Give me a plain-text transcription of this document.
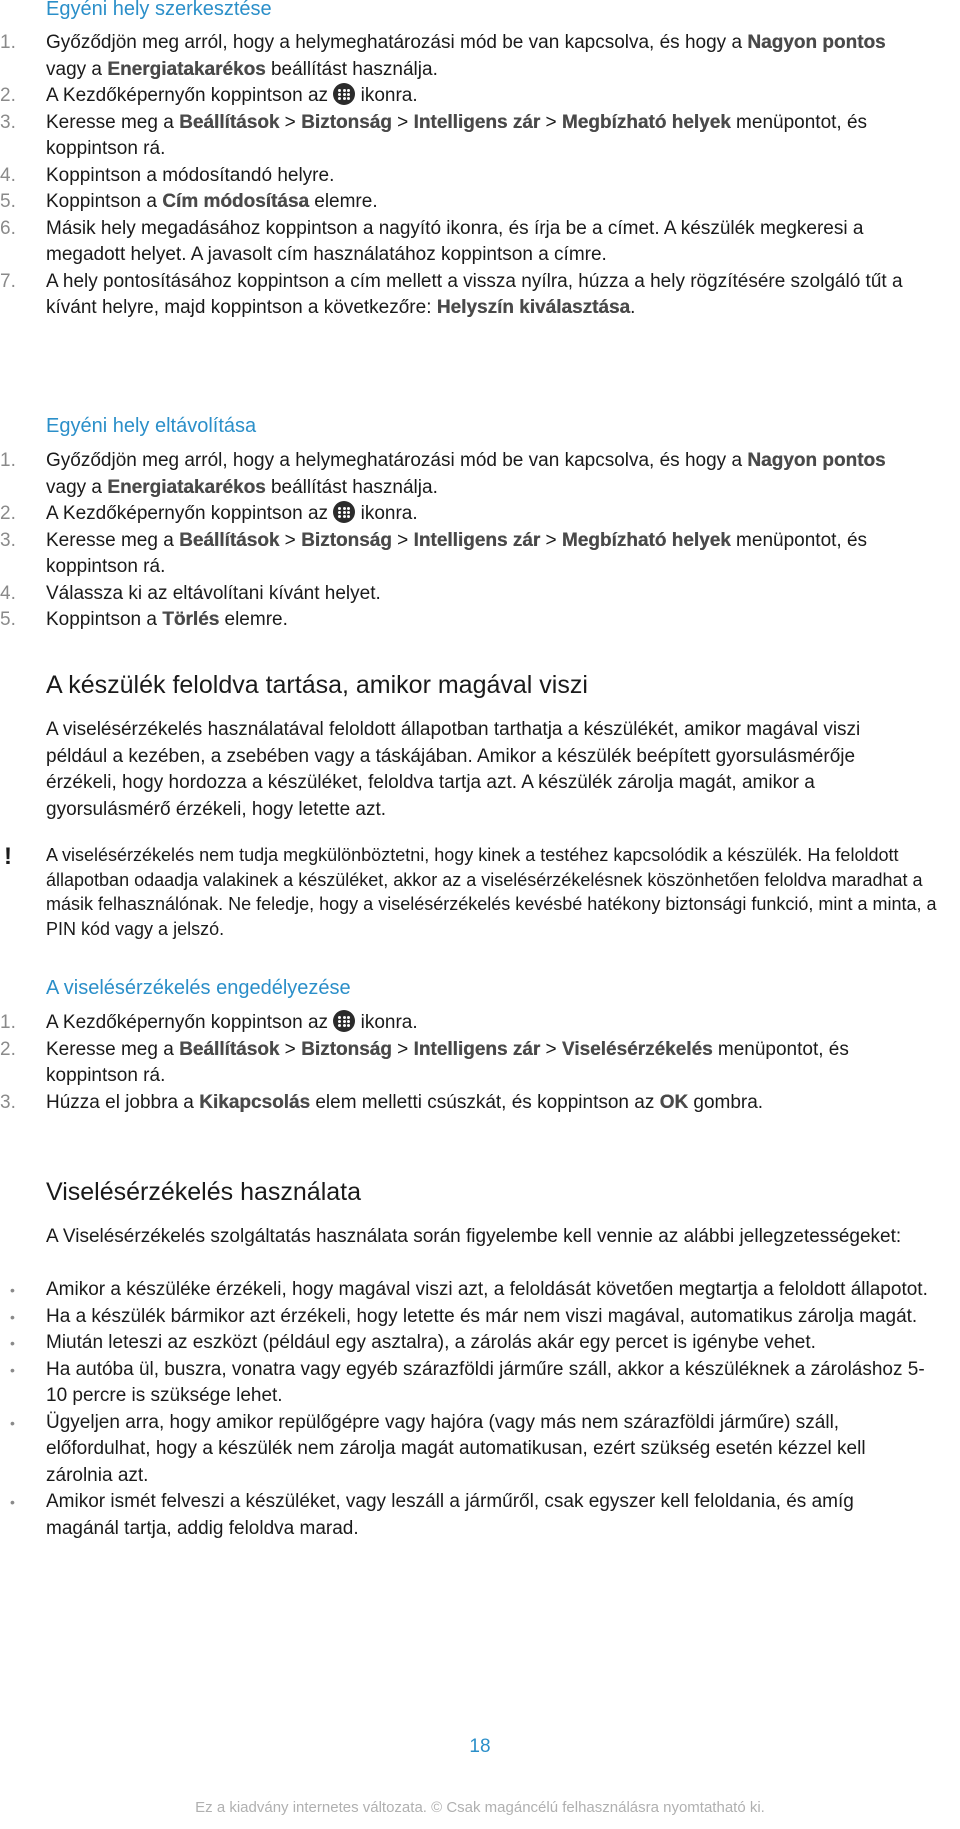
Egyéni hely szerkesztése
1.	Győződjön meg arról, hogy a helymeghatározási mód be van kapcsolva, és hogy a Nagyon pontos vagy a Energiatakarékos beállítást használja.
2.	A Kezdőképernyőn koppintson az
ikonra.
3.	Keresse meg a Beállítások > Biztonság > Intelligens zár > Megbízható helyek menüpontot, és koppintson rá.
4.	Koppintson a módosítandó helyre.
5.	Koppintson a Cím módosítása elemre.
6.	Másik hely megadásához koppintson a nagyító ikonra, és írja be a címet. A készülék megkeresi a megadott helyet. A javasolt cím használatához koppintson a címre.
7.	A hely pontosításához koppintson a cím mellett a vissza nyílra, húzza a hely rögzítésére szolgáló tűt a kívánt helyre, majd koppintson a következőre: Helyszín kiválasztása.
Egyéni hely eltávolítása
1.	Győződjön meg arról, hogy a helymeghatározási mód be van kapcsolva, és hogy a Nagyon pontos vagy a Energiatakarékos beállítást használja.
2.	A Kezdőképernyőn koppintson az
ikonra.
3.	Keresse meg a Beállítások > Biztonság > Intelligens zár > Megbízható helyek menüpontot, és koppintson rá.
4.	Válassza ki az eltávolítani kívánt helyet.
5.	Koppintson a Törlés elemre.
A készülék feloldva tartása, amikor magával viszi

A viselésérzékelés használatával feloldott állapotban tarthatja a készülékét, amikor magával viszi például a kezében, a zsebében vagy a táskájában. Amikor a készülék beépített gyorsulásmérője érzékeli, hogy hordozza a készüléket, feloldva tartja azt. A készülék zárolja magát, amikor a gyorsulásmérő érzékeli, hogy letette azt.

!	A viselésérzékelés nem tudja megkülönböztetni, hogy kinek a testéhez kapcsolódik a készülék. Ha feloldott állapotban odaadja valakinek a készüléket, akkor az a viselésérzékelésnek köszönhetően feloldva maradhat a másik felhasználónak. Ne feledje, hogy a viselésérzékelés kevésbé hatékony biztonsági funkció, mint a minta, a PIN kód vagy a jelszó.

A viselésérzékelés engedélyezése
1.	A Kezdőképernyőn koppintson az
ikonra.
2.	Keresse meg a Beállítások > Biztonság > Intelligens zár > Viselésérzékelés menüpontot, és koppintson rá.
3.	Húzza el jobbra a Kikapcsolás elem melletti csúszkát, és koppintson az OK gombra.
Viselésérzékelés használata

A Viselésérzékelés szolgáltatás használata során figyelembe kell vennie az alábbi jellegzetességeket:

• Amikor a készüléke érzékeli, hogy magával viszi azt, a feloldását követően megtartja a feloldott állapotot.
• Ha a készülék bármikor azt érzékeli, hogy letette és már nem viszi magával, automatikus zárolja magát.
• Miután leteszi az eszközt (például egy asztalra), a zárolás akár egy percet is igénybe vehet.
• Ha autóba ül, buszra, vonatra vagy egyéb szárazföldi járműre száll, akkor a készüléknek a zároláshoz 5-10 percre is szüksége lehet.
• Ügyeljen arra, hogy amikor repülőgépre vagy hajóra (vagy más nem szárazföldi járműre) száll, előfordulhat, hogy a készülék nem zárolja magát automatikusan, ezért szükség esetén kézzel kell zárolnia azt.
• Amikor ismét felveszi a készüléket, vagy leszáll a járműről, csak egyszer kell feloldania, és amíg magánál tartja, addig feloldva marad.
18
Ez a kiadvány internetes változata. © Csak magáncélú felhasználásra nyomtatható ki.
